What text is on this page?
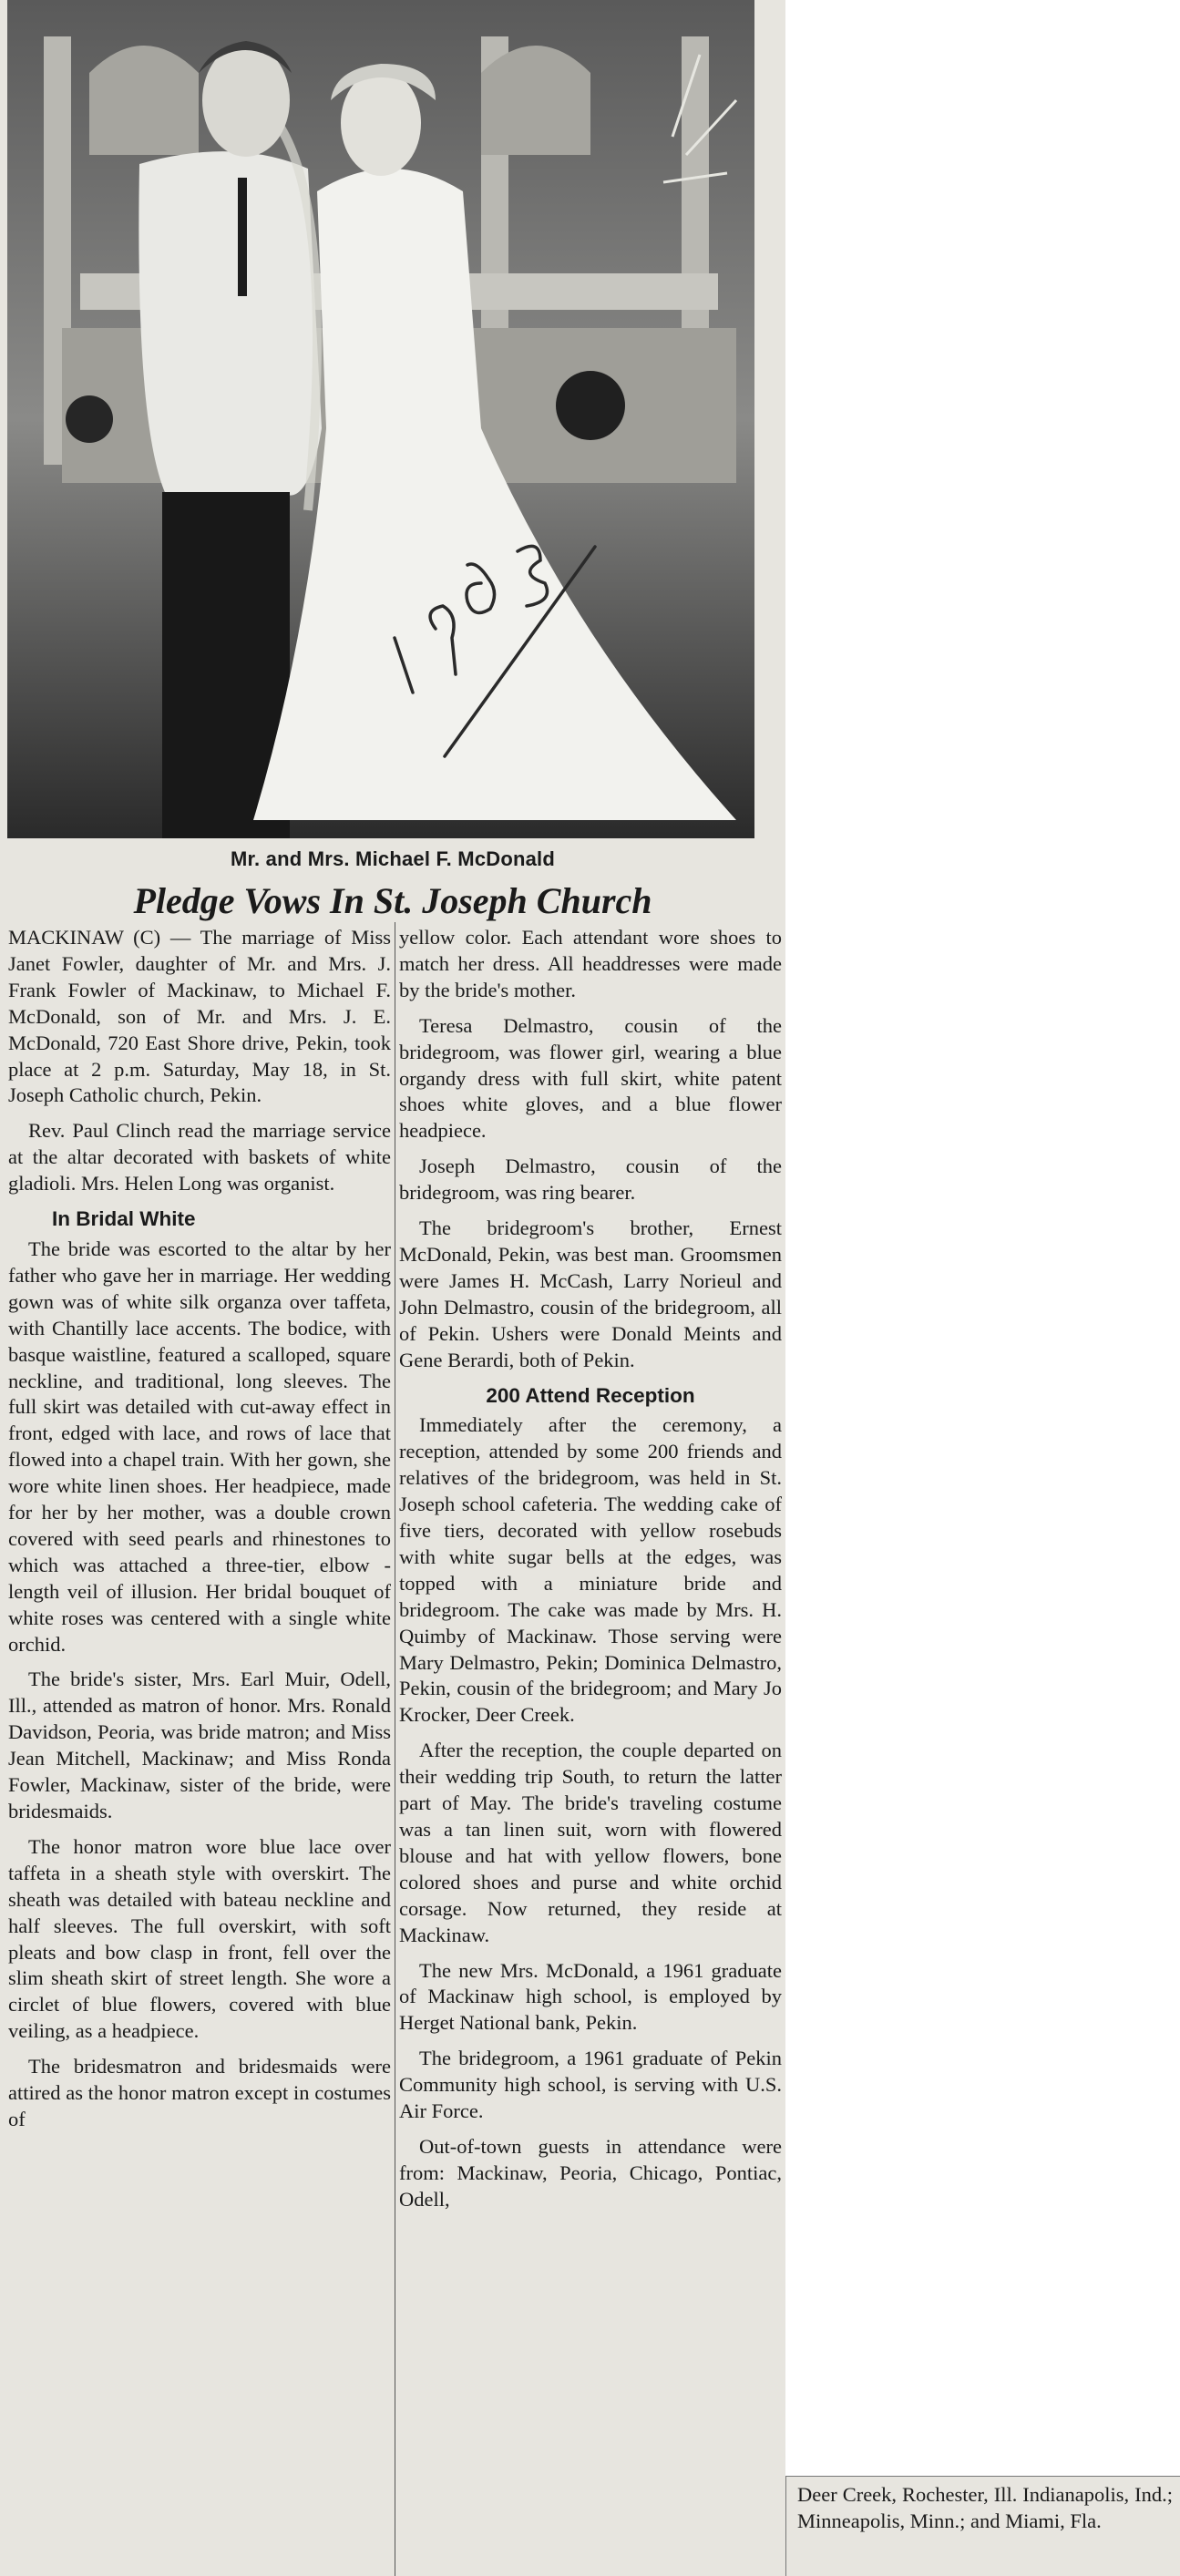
Mr. and Mrs. Michael F. McDonald
Pledge Vows In St. Joseph Church

MACKINAW (C) — The marriage of Miss Janet Fowler, daughter of Mr. and Mrs. J. Frank Fowler of Mackinaw, to Michael F. McDonald, son of Mr. and Mrs. J. E. McDonald, 720 East Shore drive, Pekin, took place at 2 p.m. Saturday, May 18, in St. Joseph Catholic church, Pekin.

Rev. Paul Clinch read the marriage service at the altar decorated with baskets of white gladioli. Mrs. Helen Long was organist.

In Bridal White

The bride was escorted to the altar by her father who gave her in marriage. Her wedding gown was of white silk organza over taffeta, with Chantilly lace accents. The bodice, with basque waistline, featured a scalloped, square neckline, and traditional, long sleeves. The full skirt was detailed with cut-away effect in front, edged with lace, and rows of lace that flowed into a chapel train. With her gown, she wore white linen shoes. Her headpiece, made for her by her mother, was a double crown covered with seed pearls and rhinestones to which was attached a three-tier, elbow - length veil of illusion. Her bridal bouquet of white roses was centered with a single white orchid.

The bride's sister, Mrs. Earl Muir, Odell, Ill., attended as matron of honor. Mrs. Ronald Davidson, Peoria, was bride matron; and Miss Jean Mitchell, Mackinaw; and Miss Ronda Fowler, Mackinaw, sister of the bride, were bridesmaids.

The honor matron wore blue lace over taffeta in a sheath style with overskirt. The sheath was detailed with bateau neckline and half sleeves. The full overskirt, with soft pleats and bow clasp in front, fell over the slim sheath skirt of street length. She wore a circlet of blue flowers, covered with blue veiling, as a headpiece.

The bridesmatron and bridesmaids were attired as the honor matron except in costumes of

yellow color. Each attendant wore shoes to match her dress. All headdresses were made by the bride's mother.

Teresa Delmastro, cousin of the bridegroom, was flower girl, wearing a blue organdy dress with full skirt, white patent shoes white gloves, and a blue flower headpiece.

Joseph Delmastro, cousin of the bridegroom, was ring bearer.

The bridegroom's brother, Ernest McDonald, Pekin, was best man. Groomsmen were James H. McCash, Larry Norieul and John Delmastro, cousin of the bridegroom, all of Pekin. Ushers were Donald Meints and Gene Berardi, both of Pekin.

200 Attend Reception

Immediately after the ceremony, a reception, attended by some 200 friends and relatives of the bridegroom, was held in St. Joseph school cafeteria. The wedding cake of five tiers, decorated with yellow rosebuds with white sugar bells at the edges, was topped with a miniature bride and bridegroom. The cake was made by Mrs. H. Quimby of Mackinaw. Those serving were Mary Delmastro, Pekin; Dominica Delmastro, Pekin, cousin of the bridegroom; and Mary Jo Krocker, Deer Creek.

After the reception, the couple departed on their wedding trip South, to return the latter part of May. The bride's traveling costume was a tan linen suit, worn with flowered blouse and hat with yellow flowers, bone colored shoes and purse and white orchid corsage. Now returned, they reside at Mackinaw.

The new Mrs. McDonald, a 1961 graduate of Mackinaw high school, is employed by Herget National bank, Pekin.

The bridegroom, a 1961 graduate of Pekin Community high school, is serving with U.S. Air Force.

Out-of-town guests in attendance were from: Mackinaw, Peoria, Chicago, Pontiac, Odell,

Deer Creek, Rochester, Ill. Indianapolis, Ind.; Minneapolis, Minn.; and Miami, Fla.
